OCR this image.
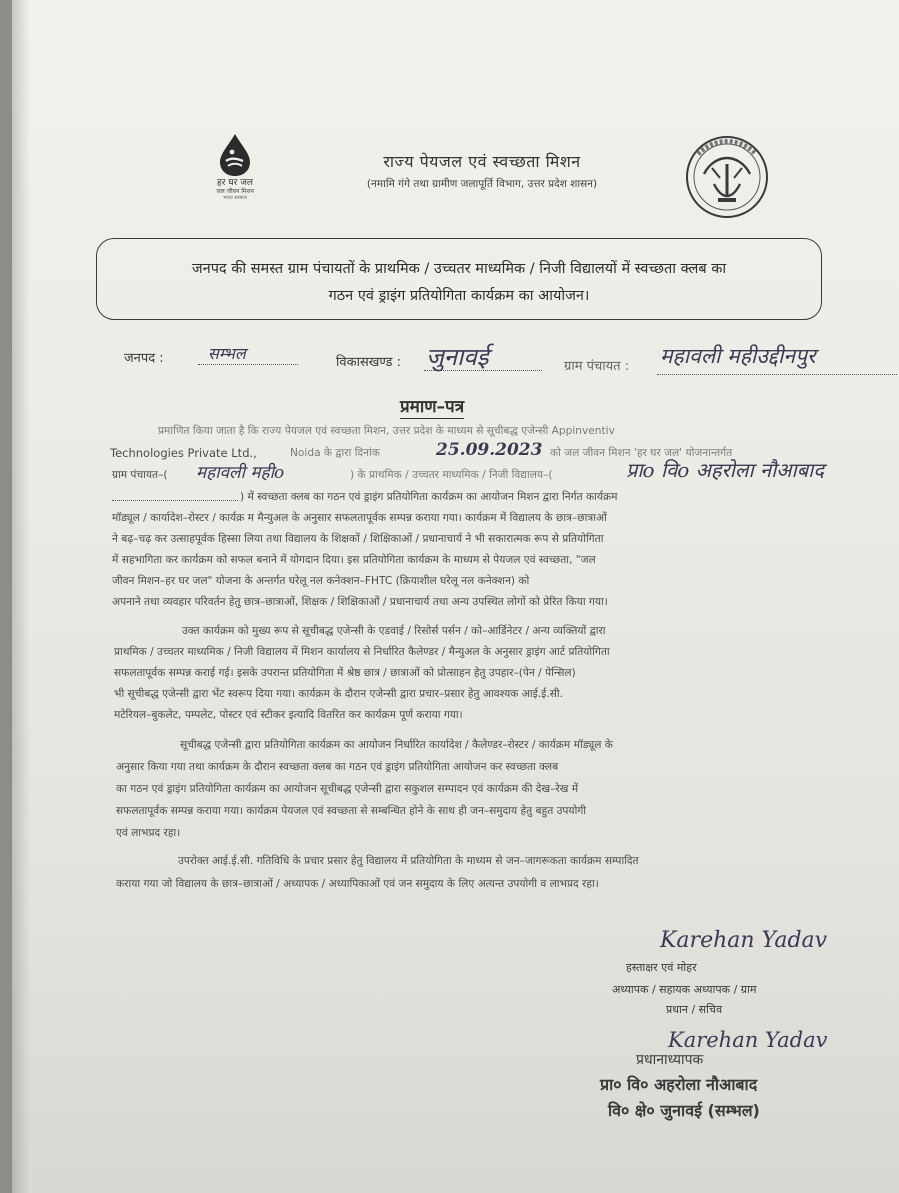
हर घर जल
जल जीवन मिशन
भारत सरकार
राज्य पेयजल एवं स्वच्छता मिशन
(नमामि गंगे तथा ग्रामीण जलापूर्ति विभाग, उत्तर प्रदेश शासन)
जनपद की समस्त ग्राम पंचायतों के प्राथमिक / उच्चतर माध्यमिक / निजी विद्यालयों में स्वच्छता क्लब का
गठन एवं ड्राइंग प्रतियोगिता कार्यक्रम का आयोजन।
जनपद :	सम्भल	विकासखण्ड : जुनावई	ग्राम पंचायत : महावली महीउद्दीनपुर
प्रमाण–पत्र
प्रमाणित किया जाता है कि राज्य पेयजल एवं स्वच्छता मिशन, उत्तर प्रदेश के माध्यम से सूचीबद्ध एजेन्सी Appinventiv
Technologies Private Ltd.,	Noida के द्वारा दिनांक	25.09.2023 को जल जीवन मिशन 'हर घर जल' योजनान्तर्गत
ग्राम पंचायत–( महावली महीo	) के प्राथमिक / उच्चतर माध्यमिक / निजी विद्यालय–(	प्राo विo अहरोला नौआबाद
) में स्वच्छता क्लब का गठन एवं ड्राइंग प्रतियोगिता कार्यक्रम का आयोजन मिशन द्वारा निर्गत कार्यक्रम
मॉड्यूल / कार्यादेश–रोस्टर / कार्यक्र म मैन्युअल के अनुसार सफलतापूर्वक सम्पन्न कराया गया। कार्यक्रम में विद्यालय के छात्र–छात्राओं
ने बढ़–चढ़ कर उत्साहपूर्वक हिस्सा लिया तथा विद्यालय के शिक्षकों / शिक्षिकाओं / प्रधानाचार्य ने भी सकारात्मक रूप से प्रतियोगिता
में सहभागिता कर कार्यक्रम को सफल बनाने में योगदान दिया। इस प्रतियोगिता कार्यक्रम के माध्यम से पेयजल एवं स्वच्छता, "जल
जीवन मिशन–हर घर जल" योजना के अन्तर्गत घरेलू नल कनेक्शन–FHTC (क्रियाशील घरेलू नल कनेक्शन) को
अपनाने तथा व्यवहार परिवर्तन हेतु छात्र–छात्राओं, शिक्षक / शिक्षिकाओं / प्रधानाचार्य तथा अन्य उपस्थित लोगों को प्रेरित किया गया।
उक्त कार्यक्रम को मुख्य रूप से सूचीबद्ध एजेन्सी के एडवाई / रिसोर्स पर्सन / को–आर्डिनेटर / अन्य व्यक्तियों द्वारा
प्राथमिक / उच्चतर माध्यमिक / निजी विद्यालय में मिशन कार्यालय से निर्धारित कैलेण्डर / मैन्युअल के अनुसार ड्राइंग आर्ट प्रतियोगिता
सफलतापूर्वक सम्पन्न कराई गई। इसके उपरान्त प्रतियोगिता में श्रेष्ठ छात्र / छात्राओं को प्रोत्साहन हेतु उपहार–(पेन / पेन्सिल)
भी सूचीबद्ध एजेन्सी द्वारा भेंट स्वरूप दिया गया। कार्यक्रम के दौरान एजेन्सी द्वारा प्रचार–प्रसार हेतु आवश्यक आई.ई.सी.
मटेरियल–बुकलेट, पम्पलेट, पोस्टर एवं स्टीकर इत्यादि वितरित कर कार्यक्रम पूर्ण कराया गया।
सूचीबद्ध एजेन्सी द्वारा प्रतियोगिता कार्यक्रम का आयोजन निर्धारित कार्यादेश / कैलेण्डर–रोस्टर / कार्यक्रम मॉड्यूल के
अनुसार किया गया तथा कार्यक्रम के दौरान स्वच्छता क्लब का गठन एवं ड्राइंग प्रतियोगिता आयोजन कर स्वच्छता क्लब
का गठन एवं ड्राइंग प्रतियोगिता कार्यक्रम का आयोजन सूचीबद्ध एजेन्सी द्वारा सकुशल सम्पादन एवं कार्यक्रम की देख–रेख में
सफलतापूर्वक सम्पन्न कराया गया। कार्यक्रम पेयजल एवं स्वच्छता से सम्बन्धित होने के साथ ही जन–समुदाय हेतु बहुत उपयोगी
एवं लाभप्रद रहा।
उपरोक्त आई.ई.सी. गतिविधि के प्रचार प्रसार हेतु विद्यालय में प्रतियोगिता के माध्यम से जन–जागरूकता कार्यक्रम सम्पादित
कराया गया जो विद्यालय के छात्र–छात्राओं / अध्यापक / अध्यापिकाओं एवं जन समुदाय के लिए अत्यन्त उपयोगी व लाभप्रद रहा।
Karehan Yadav
हस्ताक्षर एवं मोहर
अध्यापक / सहायक अध्यापक / ग्राम
प्रधान / सचिव
Karehan Yadav
प्रधानाध्यापक
प्रा० वि० अहरोला नौआबाद
वि० क्षे० जुनावई (सम्भल)
